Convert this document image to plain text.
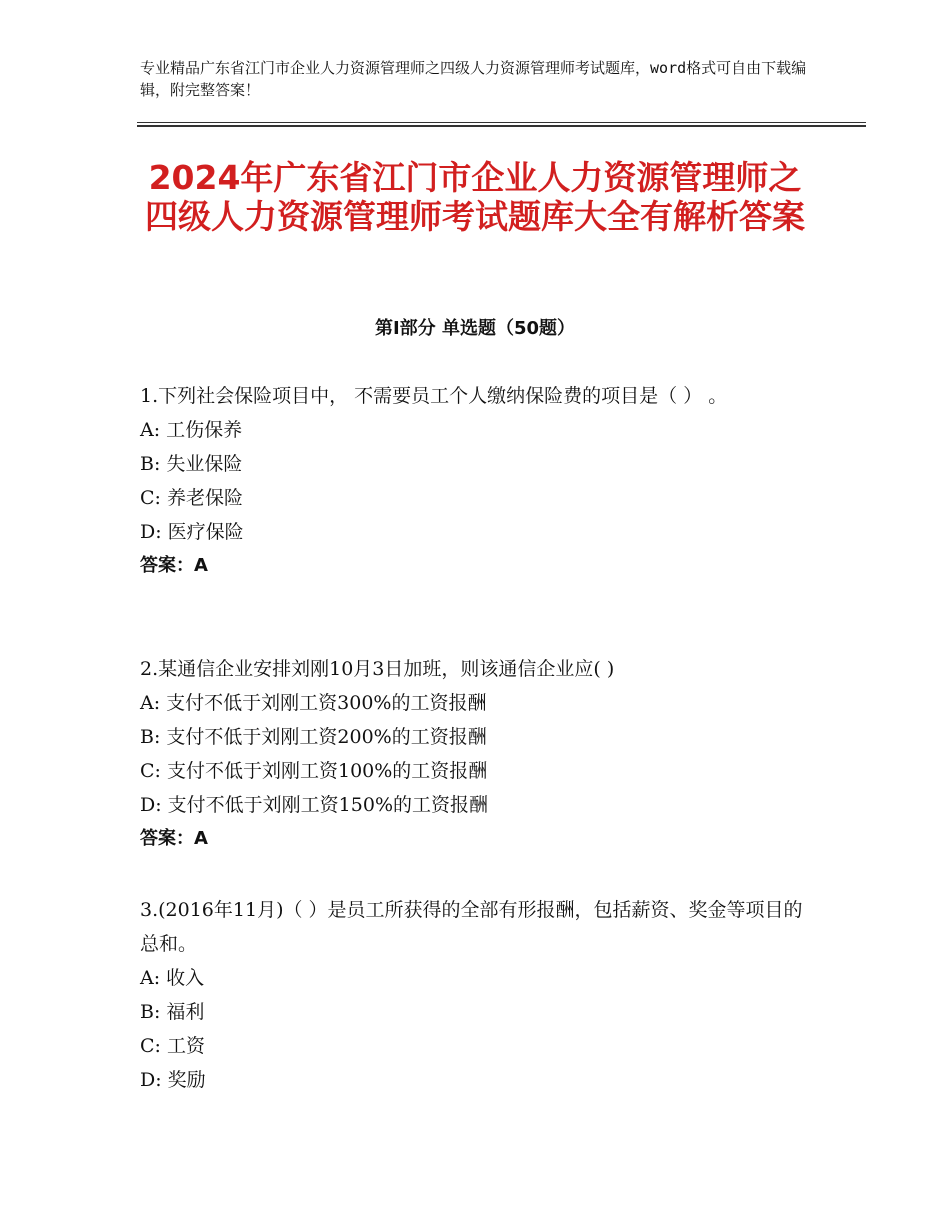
专业精品广东省江门市企业人力资源管理师之四级人力资源管理师考试题库，word格式可自由下载编辑，附完整答案！
2024年广东省江门市企业人力资源管理师之四级人力资源管理师考试题库大全有解析答案
第Ⅰ部分 单选题（50题）

1.下列社会保险项目中， 不需要员工个人缴纳保险费的项目是（ ） 。

A: 工伤保养

B: 失业保险

C: 养老保险

D: 医疗保险

答案：A

2.某通信企业安排刘刚10月3日加班，则该通信企业应( )

A: 支付不低于刘刚工资300%的工资报酬

B: 支付不低于刘刚工资200%的工资报酬

C: 支付不低于刘刚工资100%的工资报酬

D: 支付不低于刘刚工资150%的工资报酬

答案：A

3.(2016年11月)（ ）是员工所获得的全部有形报酬，包括薪资、奖金等项目的总和。

A: 收入

B: 福利

C: 工资

D: 奖励
